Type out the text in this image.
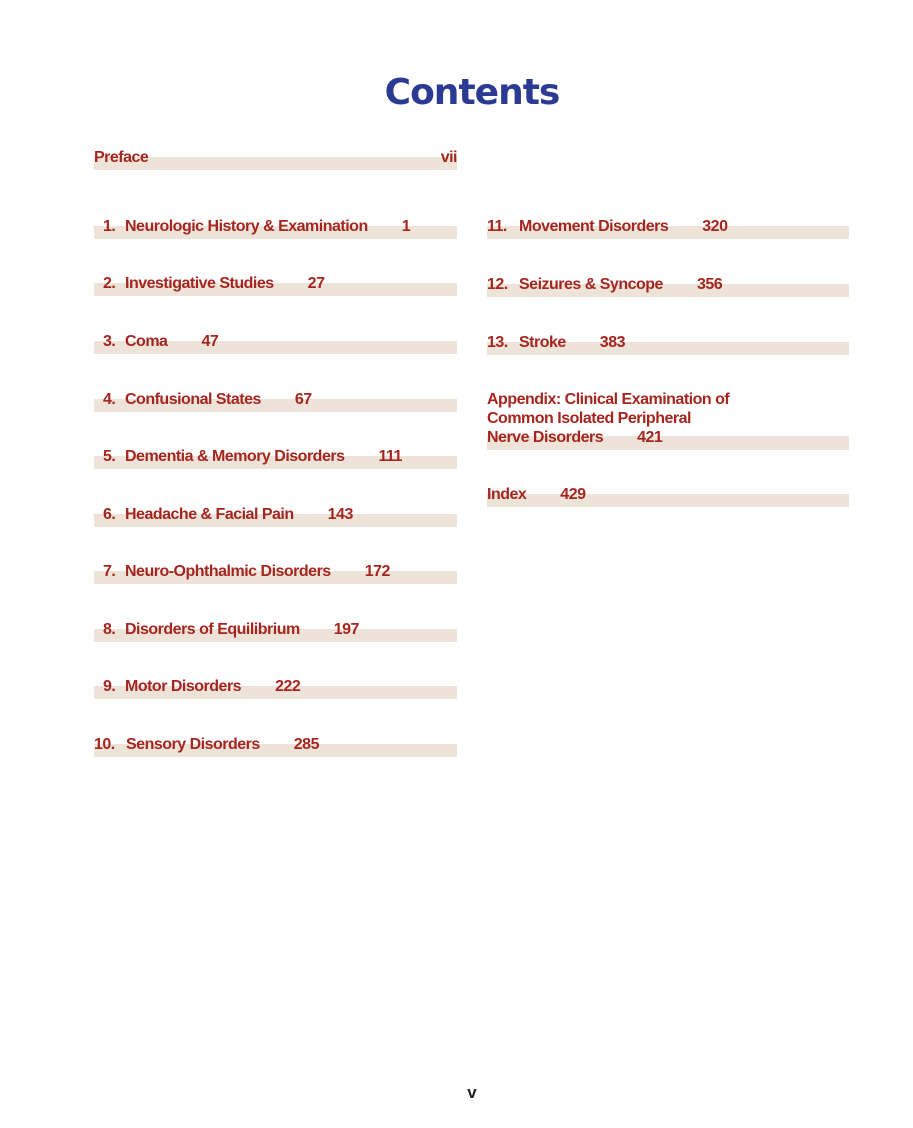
Contents
Preface	vii
1. Neurologic History & Examination 1
2. Investigative Studies 27
3. Coma 47
4. Confusional States 67
5. Dementia & Memory Disorders 111
6. Headache & Facial Pain 143
7. Neuro-Ophthalmic Disorders 172
8. Disorders of Equilibrium 197
9. Motor Disorders 222
10. Sensory Disorders 285
11. Movement Disorders 320
12. Seizures & Syncope 356
13. Stroke 383
Appendix: Clinical Examination of
Common Isolated Peripheral
Nerve Disorders 421
Index 429
v
